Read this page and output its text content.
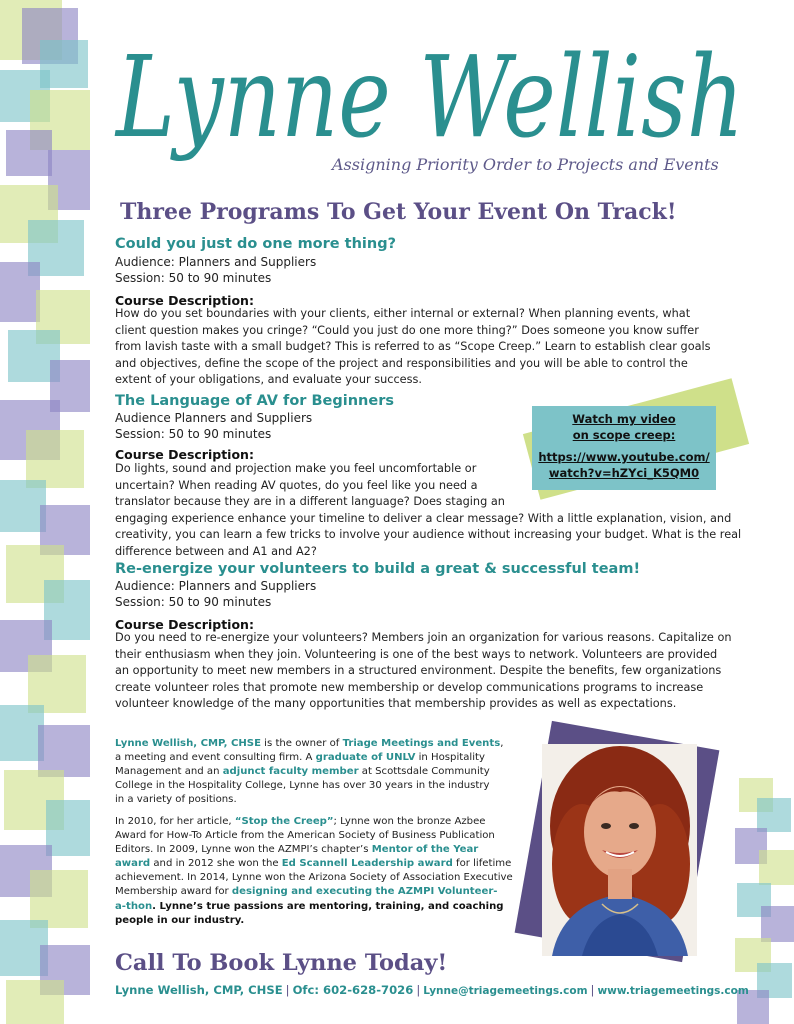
Lynne Wellish
Assigning Priority Order to Projects and Events
Three Programs To Get Your Event On Track!
Could you just do one more thing?
Audience: Planners and Suppliers
Session: 50 to 90 minutes
Course Description:
How do you set boundaries with your clients, either internal or external? When planning events, what
client question makes you cringe? “Could you just do one more thing?” Does someone you know suffer
from lavish taste with a small budget? This is referred to as “Scope Creep.” Learn to establish clear goals
and objectives, define the scope of the project and responsibilities and you will be able to control the
extent of your obligations, and evaluate your success.
The Language of AV for Beginners
Audience Planners and Suppliers
Session: 50 to 90 minutes
Course Description:
Do lights, sound and projection make you feel uncomfortable or
uncertain? When reading AV quotes, do you feel like you need a
translator because they are in a different language? Does staging an
engaging experience enhance your timeline to deliver a clear message? With a little explanation, vision, and
creativity, you can learn a few tricks to involve your audience without increasing your budget. What is the real
difference between and A1 and A2?
Watch my video
on scope creep:
https://www.youtube.com/
watch?v=hZYci_K5QM0
Re-energize your volunteers to build a great & successful team!
Audience: Planners and Suppliers
Session: 50 to 90 minutes
Course Description:
Do you need to re-energize your volunteers? Members join an organization for various reasons. Capitalize on
their enthusiasm when they join. Volunteering is one of the best ways to network. Volunteers are provided
an opportunity to meet new members in a structured environment. Despite the benefits, few organizations
create volunteer roles that promote new membership or develop communications programs to increase
volunteer knowledge of the many opportunities that membership provides as well as expectations.
Lynne Wellish, CMP, CHSE is the owner of Triage Meetings and Events,
a meeting and event consulting firm. A graduate of UNLV in Hospitality
Management and an adjunct faculty member at Scottsdale Community
College in the Hospitality College, Lynne has over 30 years in the industry
in a variety of positions.
In 2010, for her article, “Stop the Creep”; Lynne won the bronze Azbee
Award for How-To Article from the American Society of Business Publication
Editors. In 2009, Lynne won the AZMPI’s chapter’s Mentor of the Year
award and in 2012 she won the Ed Scannell Leadership award for lifetime
achievement. In 2014, Lynne won the Arizona Society of Association Executive
Membership award for designing and executing the AZMPI Volunteer-
a-thon. Lynne’s true passions are mentoring, training, and coaching
people in our industry.
Call To Book Lynne Today!
Lynne Wellish, CMP, CHSE | Ofc: 602-628-7026 | Lynne@triagemeetings.com | www.triagemeetings.com
